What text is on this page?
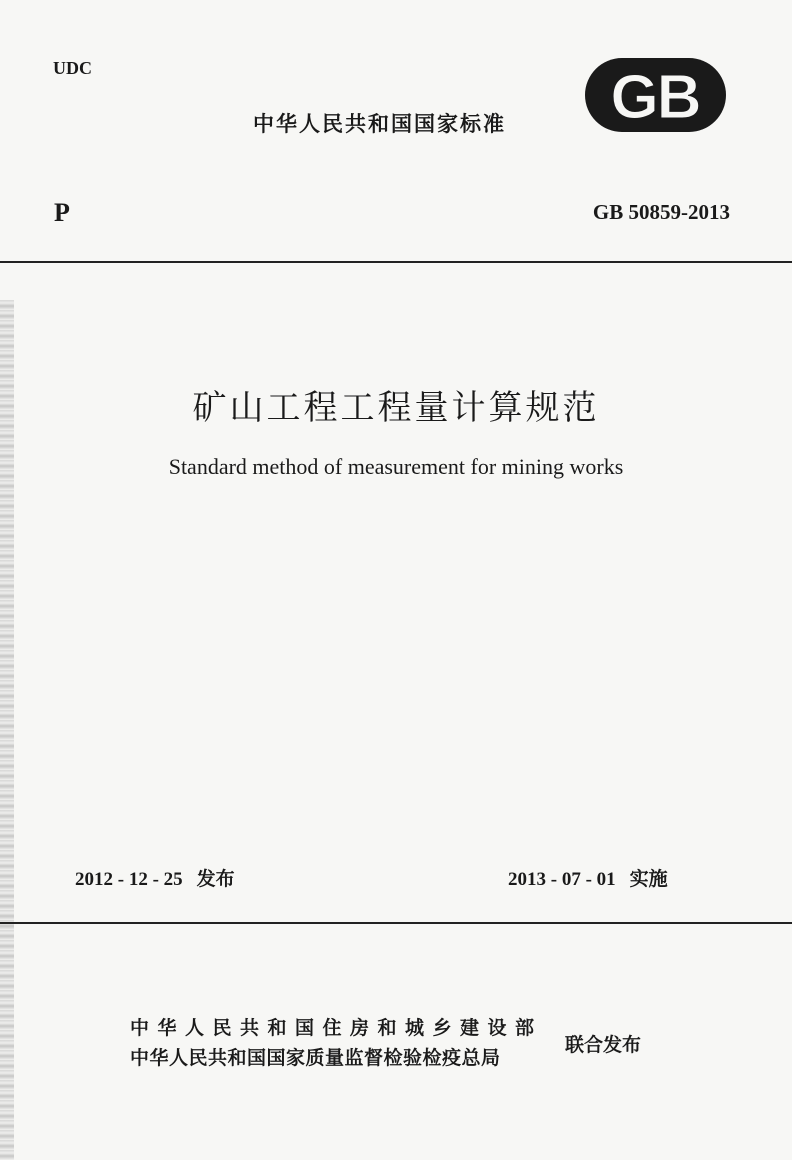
UDC
中华人民共和国国家标准 GB
P	GB 50859-2013
矿山工程工程量计算规范
Standard method of measurement for mining works
2012 - 12 - 25 发布	2013 - 07 - 01 实施
中华人民共和国住房和城乡建设部
中华人民共和国国家质量监督检验检疫总局
联合发布
